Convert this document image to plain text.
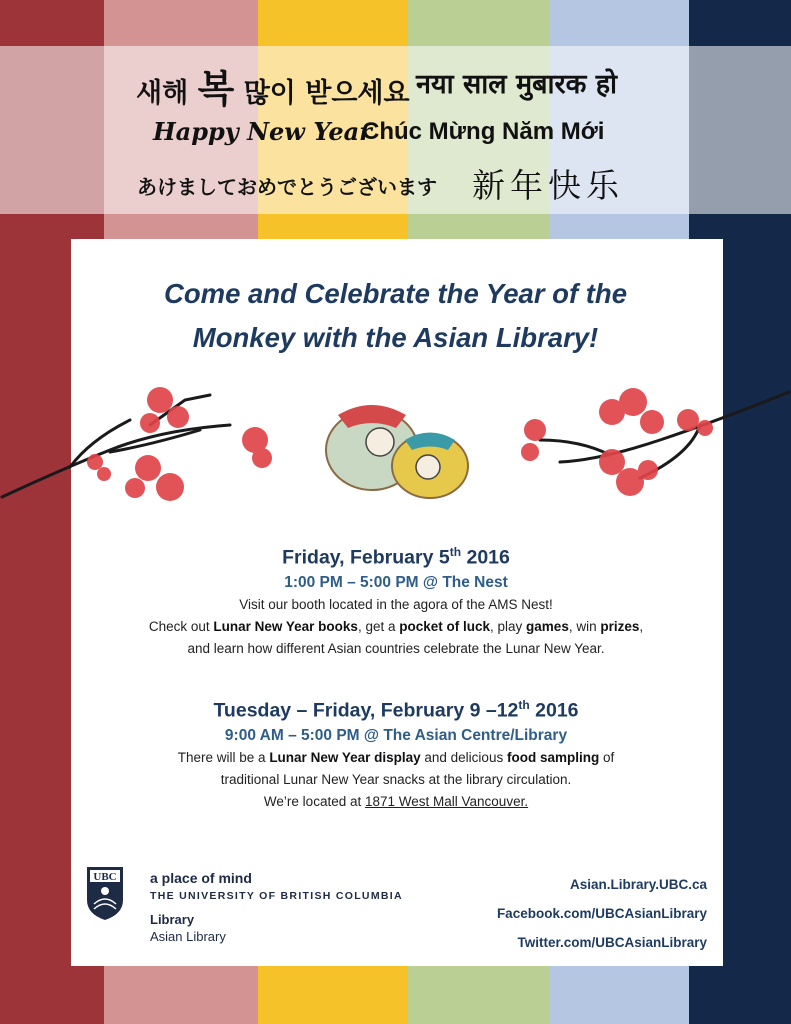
새해 복 많이 받으세요 नया साल मुबारक हो
Happy New Year
Chúc Mừng Năm Mới
あけましておめでとうございます 新年快乐
Come and Celebrate the Year of the
Monkey with the Asian Library!
Friday, February 5th 2016
1:00 PM – 5:00 PM @ The Nest
Visit our booth located in the agora of the AMS Nest!
Check out Lunar New Year books, get a pocket of luck, play games, win prizes,
and learn how different Asian countries celebrate the Lunar New Year.
Tuesday – Friday, February 9 –12th 2016
9:00 AM – 5:00 PM @ The Asian Centre/Library
There will be a Lunar New Year display and delicious food sampling of
traditional Lunar New Year snacks at the library circulation.
We’re located at 1871 West Mall Vancouver.
UBC a place of mind
THE UNIVERSITY OF BRITISH COLUMBIA
Library
Asian Library
Asian.Library.UBC.ca
Facebook.com/UBCAsianLibrary
Twitter.com/UBCAsianLibrary
